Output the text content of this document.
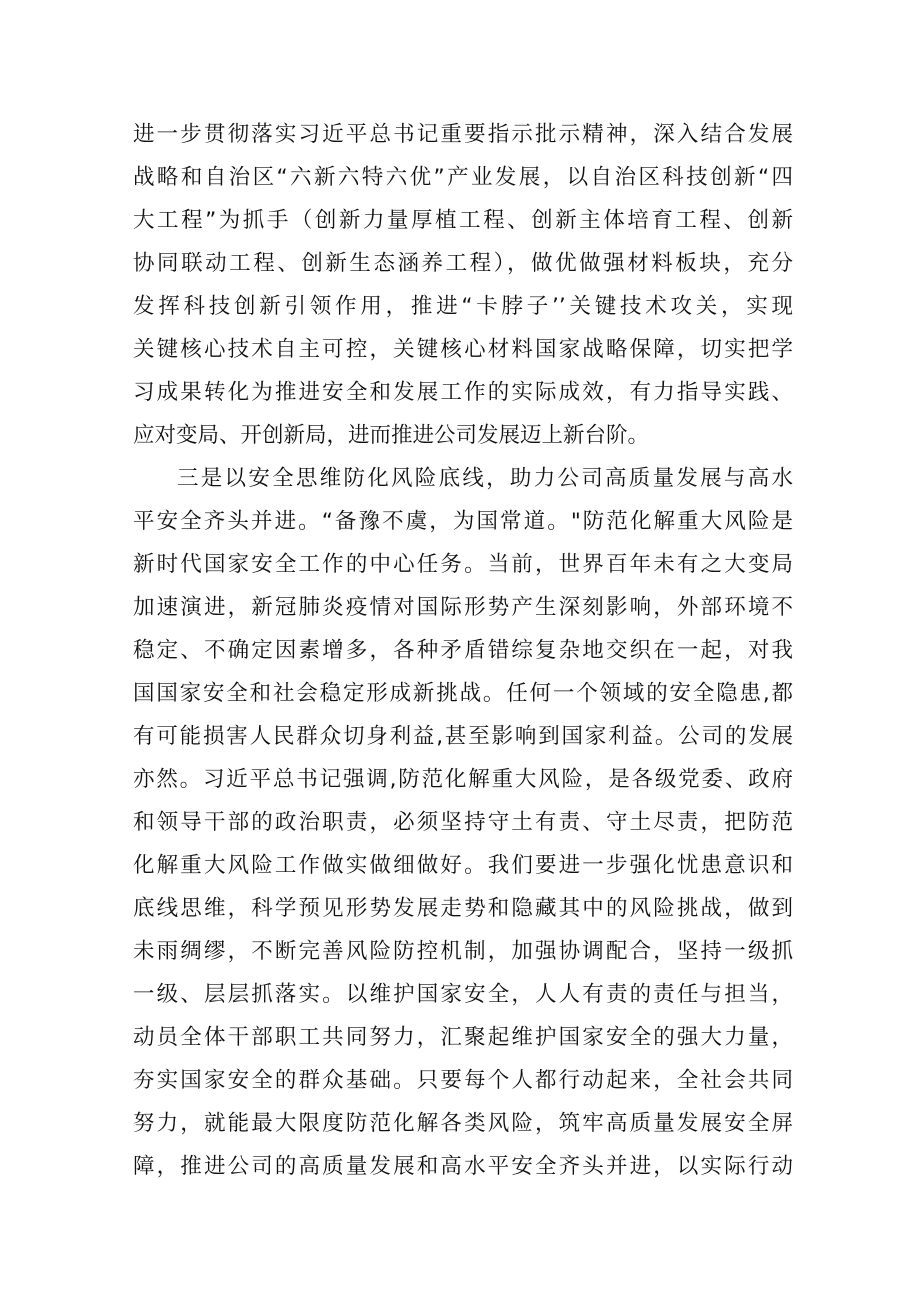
进一步贯彻落实习近平总书记重要指示批示精神，深入结合发展
战略和自治区“六新六特六优”产业发展，以自治区科技创新“四
大工程”为抓手（创新力量厚植工程、创新主体培育工程、创新
协同联动工程、创新生态涵养工程），做优做强材料板块，充分
发挥科技创新引领作用，推进“卡脖子’’关键技术攻关，实现
关键核心技术自主可控，关键核心材料国家战略保障，切实把学
习成果转化为推进安全和发展工作的实际成效，有力指导实践、
应对变局、开创新局，进而推进公司发展迈上新台阶。
三是以安全思维防化风险底线，助力公司高质量发展与高水
平安全齐头并进。“备豫不虞，为国常道。"防范化解重大风险是
新时代国家安全工作的中心任务。当前，世界百年未有之大变局
加速演进，新冠肺炎疫情对国际形势产生深刻影响，外部环境不
稳定、不确定因素增多，各种矛盾错综复杂地交织在一起，对我
国国家安全和社会稳定形成新挑战。任何一个领域的安全隐患,都
有可能损害人民群众切身利益,甚至影响到国家利益。公司的发展
亦然。习近平总书记强调,防范化解重大风险，是各级党委、政府
和领导干部的政治职责，必须坚持守土有责、守土尽责，把防范
化解重大风险工作做实做细做好。我们要进一步强化忧患意识和
底线思维，科学预见形势发展走势和隐藏其中的风险挑战，做到
未雨绸缪，不断完善风险防控机制，加强协调配合，坚持一级抓
一级、层层抓落实。以维护国家安全，人人有责的责任与担当，
动员全体干部职工共同努力，汇聚起维护国家安全的强大力量，
夯实国家安全的群众基础。只要每个人都行动起来，全社会共同
努力，就能最大限度防范化解各类风险，筑牢高质量发展安全屏
障，推进公司的高质量发展和高水平安全齐头并进，以实际行动
